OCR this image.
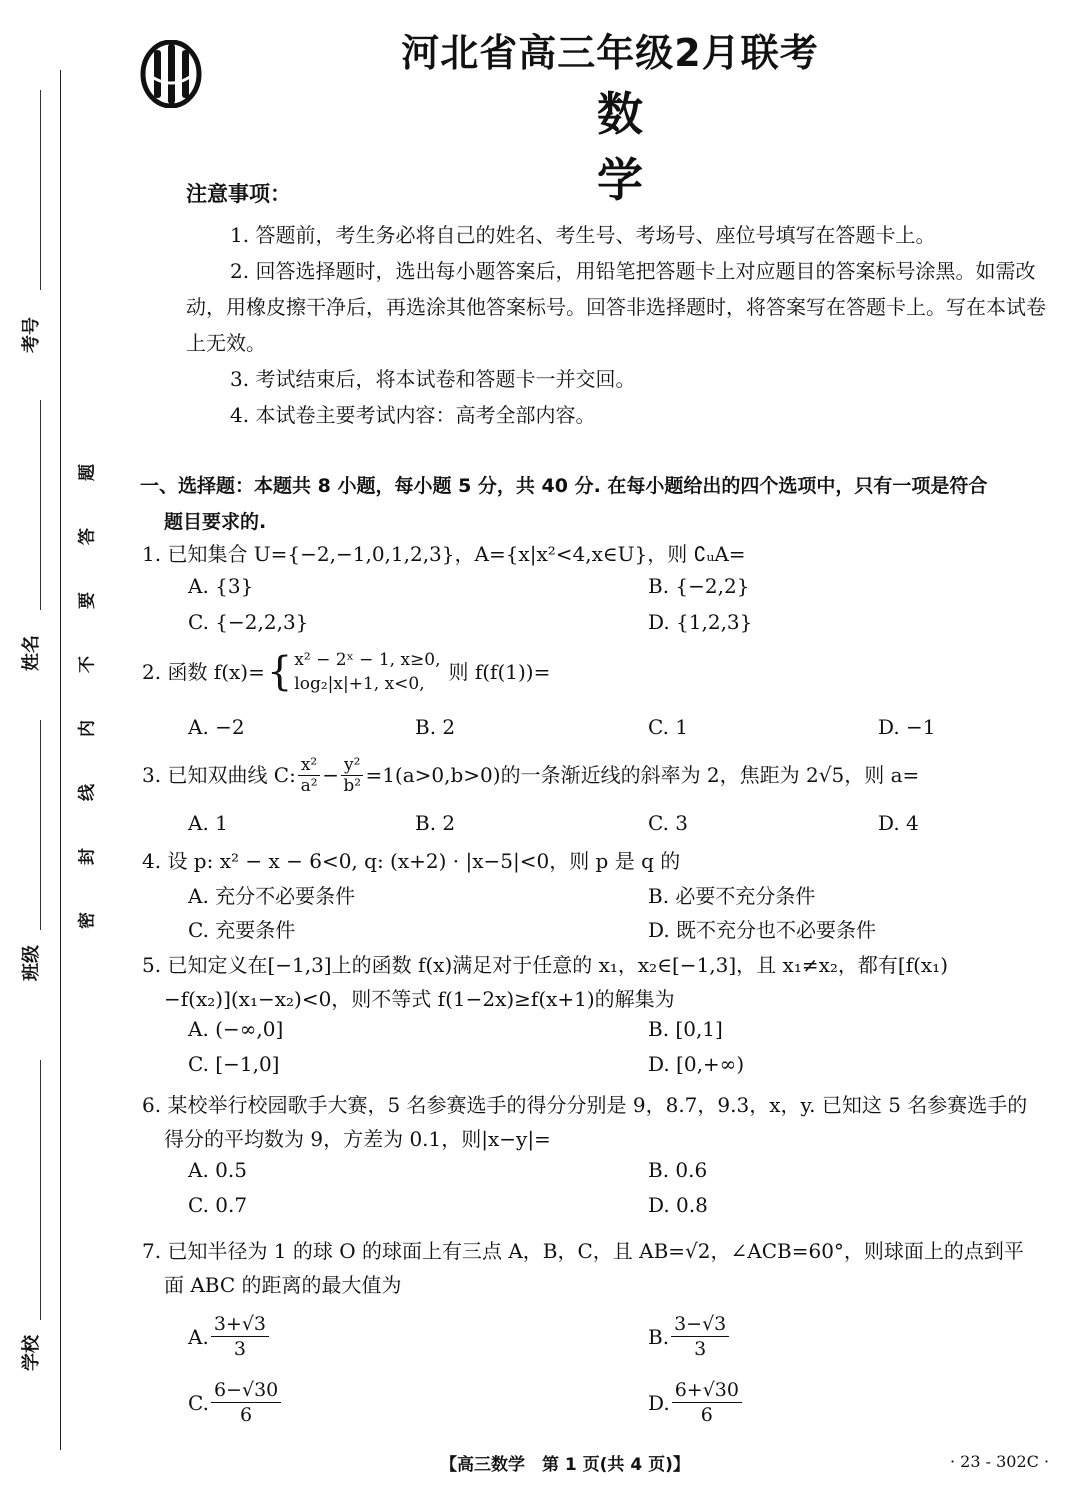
考号
姓名
班级
学校
题
答
要
不
内
线
封
密
河北省高三年级2月联考
数学
注意事项：
1. 答题前，考生务必将自己的姓名、考生号、考场号、座位号填写在答题卡上。
2. 回答选择题时，选出每小题答案后，用铅笔把答题卡上对应题目的答案标号涂黑。如需改动，用橡皮擦干净后，再选涂其他答案标号。回答非选择题时，将答案写在答题卡上。写在本试卷上无效。
3. 考试结束后，将本试卷和答题卡一并交回。
4. 本试卷主要考试内容：高考全部内容。
一、选择题：本题共 8 小题，每小题 5 分，共 40 分. 在每小题给出的四个选项中，只有一项是符合
题目要求的.
1. 已知集合 U={−2,−1,0,1,2,3}，A={x|x²<4,x∈U}，则 ∁ᵤA=
A. {3}	B. {−2,2}
C. {−2,2,3}	D. {1,2,3}
2. 函数 f(x)= { x² − 2ˣ − 1, x≥0,
log₂|x|+1, x<0,	则 f(f(1))=
A. −2	B. 2	C. 1	D. −1
3. 已知双曲线 C: $\frac{\text{x²}}{\text{a²}} - \frac{\text{y²}}{\text{b²}} =1(a>0,b>0)$的一条渐近线的斜率为 2，焦距为 2√5，则 a=
A. 1	B. 2	C. 3	D. 4
4. 设 p: x² − x − 6<0, q: (x+2) · |x−5|<0，则 p 是 q 的
A. 充分不必要条件	B. 必要不充分条件
C. 充要条件	D. 既不充分也不必要条件
5. 已知定义在[−1,3]上的函数 f(x)满足对于任意的 x₁，x₂∈[−1,3]，且 x₁≠x₂，都有[f(x₁)
−f(x₂)](x₁−x₂)<0，则不等式 f(1−2x)≥f(x+1)的解集为
A. (−∞,0]	B. [0,1]
C. [−1,0]	D. [0,+∞)
6. 某校举行校园歌手大赛，5 名参赛选手的得分分别是 9，8.7，9.3，x，y. 已知这 5 名参赛选手的
得分的平均数为 9，方差为 0.1，则|x−y|=
A. 0.5	B. 0.6
C. 0.7	D. 0.8
7. 已知半径为 1 的球 O 的球面上有三点 A，B，C，且 AB=√2，∠ACB=60°，则球面上的点到平
面 ABC 的距离的最大值为
A. $\frac{3+√3}{3}$	B. $\frac{3-√3}{3}$
C. $\frac{6-√30}{6}$	D. $\frac{6+√30}{6}$
【高三数学　第 1 页(共 4 页)】	· 23 - 302C ·
